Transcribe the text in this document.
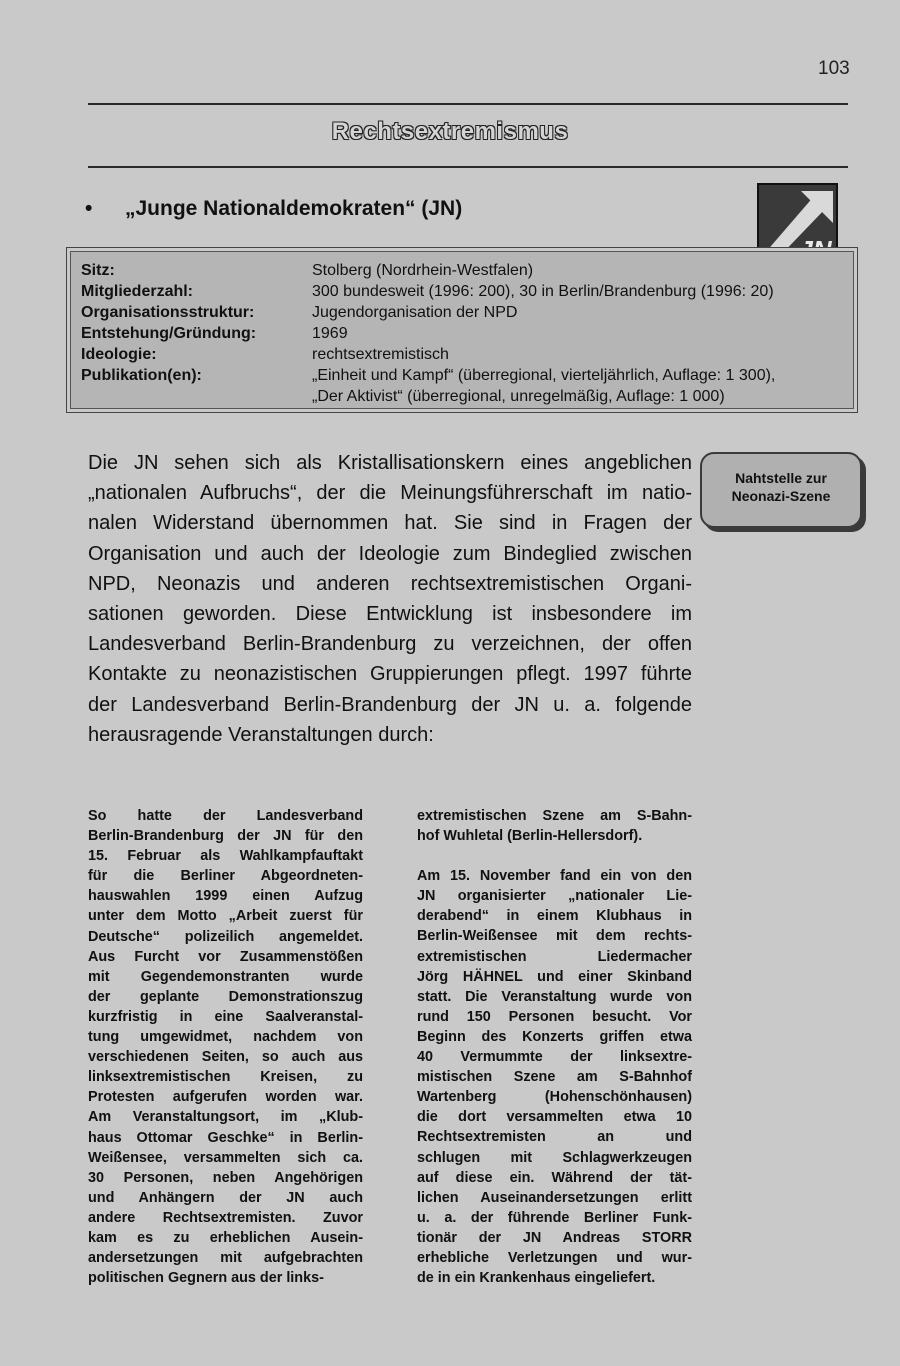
103
Rechtsextremismus
• „Junge Nationaldemokraten“ (JN)
Sitz:	Stolberg (Nordrhein-Westfalen)
Mitgliederzahl:	300 bundesweit (1996: 200), 30 in Berlin/Brandenburg (1996: 20)
Organisationsstruktur:	Jugendorganisation der NPD
Entstehung/Gründung:	1969
Ideologie:	rechtsextremistisch
Publikation(en):	„Einheit und Kampf“ (überregional, vierteljährlich, Auflage: 1 300),
„Der Aktivist“ (überregional, unregelmäßig, Auflage: 1 000)
Nahtstelle zur
Neonazi-Szene
Die JN sehen sich als Kristallisationskern eines angeblichen
„nationalen Aufbruchs“, der die Meinungsführerschaft im natio-
nalen Widerstand übernommen hat. Sie sind in Fragen der
Organisation und auch der Ideologie zum Bindeglied zwischen
NPD, Neonazis und anderen rechtsextremistischen Organi-
sationen geworden. Diese Entwicklung ist insbesondere im
Landesverband Berlin-Brandenburg zu verzeichnen, der offen
Kontakte zu neonazistischen Gruppierungen pflegt. 1997 führte
der Landesverband Berlin-Brandenburg der JN u. a. folgende
herausragende Veranstaltungen durch:
So hatte der Landesverband
Berlin-Brandenburg der JN für den
15. Februar als Wahlkampfauftakt
für die Berliner Abgeordneten-
hauswahlen 1999 einen Aufzug
unter dem Motto „Arbeit zuerst für
Deutsche“ polizeilich angemeldet.
Aus Furcht vor Zusammenstößen
mit Gegendemonstranten wurde
der geplante Demonstrationszug
kurzfristig in eine Saalveranstal-
tung umgewidmet, nachdem von
verschiedenen Seiten, so auch aus
linksextremistischen Kreisen, zu
Protesten aufgerufen worden war.
Am Veranstaltungsort, im „Klub-
haus Ottomar Geschke“ in Berlin-
Weißensee, versammelten sich ca.
30 Personen, neben Angehörigen
und Anhängern der JN auch
andere Rechtsextremisten. Zuvor
kam es zu erheblichen Ausein-
andersetzungen mit aufgebrachten
politischen Gegnern aus der links-
extremistischen Szene am S-Bahn-
hof Wuhletal (Berlin-Hellersdorf).
Am 15. November fand ein von den
JN organisierter „nationaler Lie-
derabend“ in einem Klubhaus in
Berlin-Weißensee mit dem rechts-
extremistischen Liedermacher
Jörg HÄHNEL und einer Skinband
statt. Die Veranstaltung wurde von
rund 150 Personen besucht. Vor
Beginn des Konzerts griffen etwa
40 Vermummte der linksextre-
mistischen Szene am S-Bahnhof
Wartenberg (Hohenschönhausen)
die dort versammelten etwa 10
Rechtsextremisten an und
schlugen mit Schlagwerkzeugen
auf diese ein. Während der tät-
lichen Auseinandersetzungen erlitt
u. a. der führende Berliner Funk-
tionär der JN Andreas STORR
erhebliche Verletzungen und wur-
de in ein Krankenhaus eingeliefert.
